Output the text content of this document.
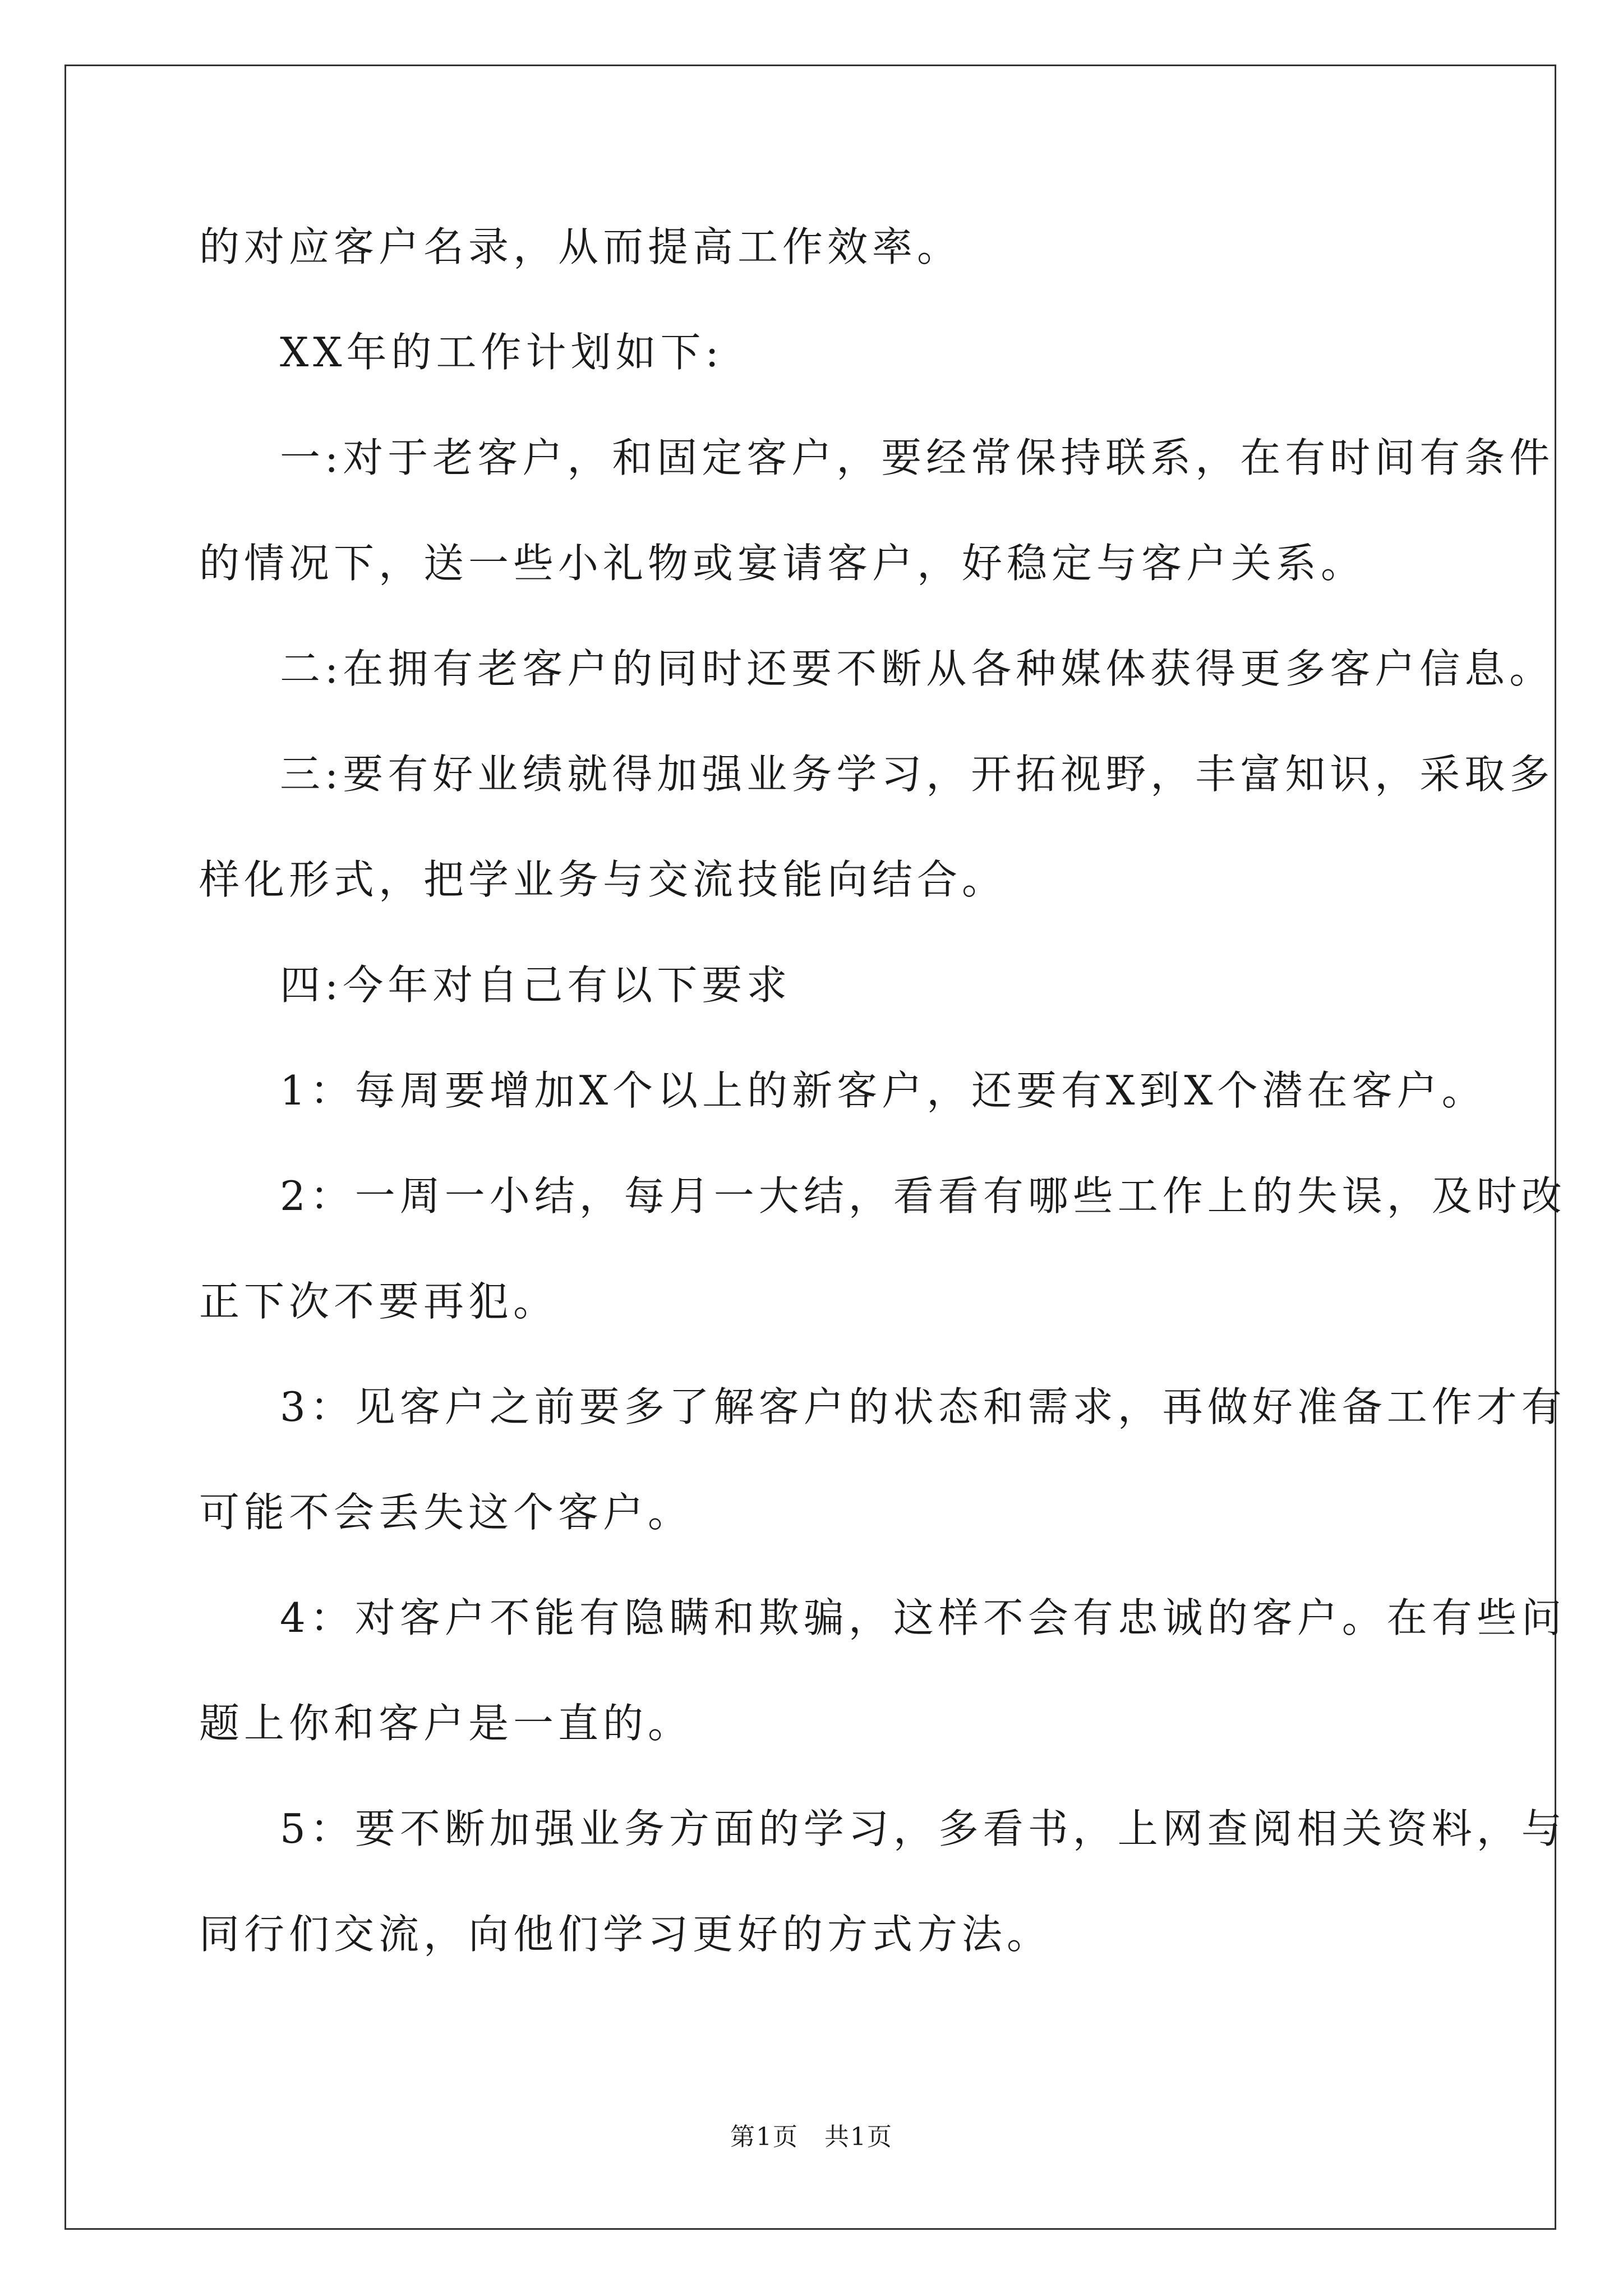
的对应客户名录，从而提高工作效率。
XX年的工作计划如下:
一:对于老客户，和固定客户，要经常保持联系，在有时间有条件
的情况下，送一些小礼物或宴请客户，好稳定与客户关系。
二:在拥有老客户的同时还要不断从各种媒体获得更多客户信息。
三:要有好业绩就得加强业务学习，开拓视野，丰富知识，采取多
样化形式，把学业务与交流技能向结合。
四:今年对自己有以下要求
1：每周要增加X个以上的新客户，还要有X到X个潜在客户。
2：一周一小结，每月一大结，看看有哪些工作上的失误，及时改
正下次不要再犯。
3：见客户之前要多了解客户的状态和需求，再做好准备工作才有
可能不会丢失这个客户。
4：对客户不能有隐瞒和欺骗，这样不会有忠诚的客户。在有些问
题上你和客户是一直的。
5：要不断加强业务方面的学习，多看书，上网查阅相关资料，与
同行们交流，向他们学习更好的方式方法。
第1页　共1页
